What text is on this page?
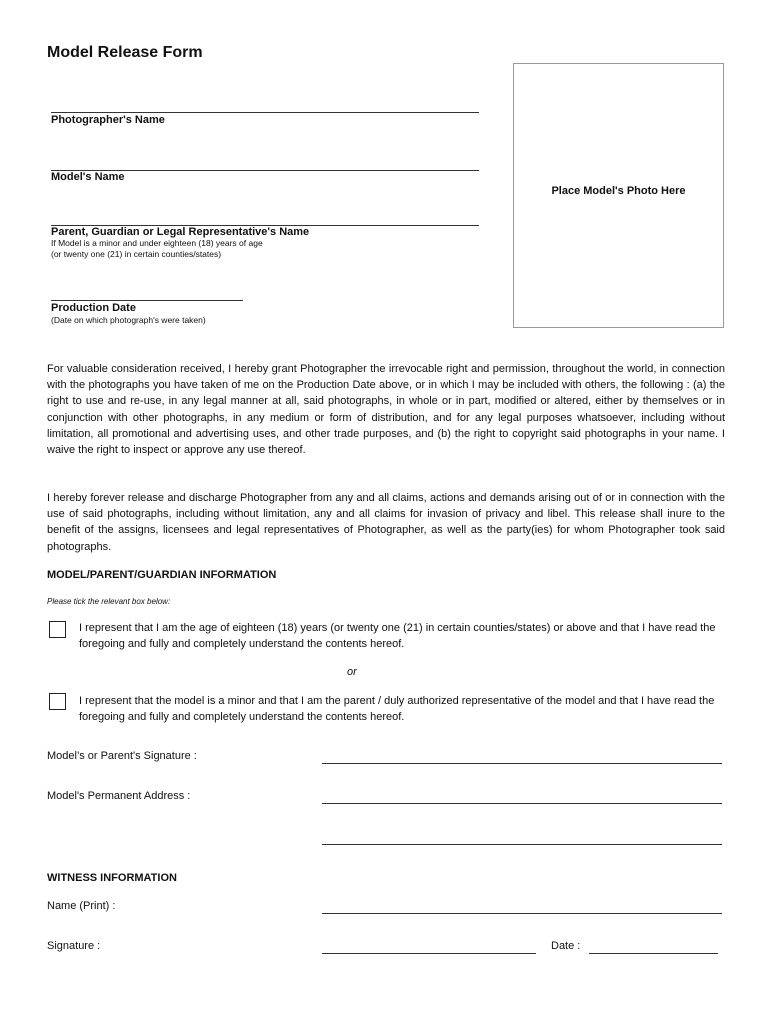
Model Release Form
Photographer's Name
Model's Name
Parent, Guardian or Legal Representative's Name
If Model is a minor and under eighteen (18) years of age
(or twenty one (21) in certain counties/states)
Production Date
(Date on which photograph's were taken)
Place Model's Photo Here
For valuable consideration received, I hereby grant Photographer the irrevocable right and permission, throughout the world, in connection with the photographs you have taken of me on the Production Date above, or in which I may be included with others, the following : (a) the right to use and re-use, in any legal manner at all, said photographs, in whole or in part, modified or altered, either by themselves or in conjunction with other photographs, in any medium or form of distribution, and for any legal purposes whatsoever, including without limitation, all promotional and advertising uses, and other trade purposes, and (b) the right to copyright said photographs in your name. I waive the right to inspect or approve any use thereof.
I hereby forever release and discharge Photographer from any and all claims, actions and demands arising out of or in connection with the use of said photographs, including without limitation, any and all claims for invasion of privacy and libel. This release shall inure to the benefit of the assigns, licensees and legal representatives of Photographer, as well as the party(ies) for whom Photographer took said photographs.
MODEL/PARENT/GUARDIAN INFORMATION
Please tick the relevant box below:
I represent that I am the age of eighteen (18) years (or twenty one (21) in certain counties/states) or above and that I have read the foregoing and fully and completely understand the contents hereof.
or
I represent that the model is a minor and that I am the parent / duly authorized representative of the model and that I have read the foregoing and fully and completely understand the contents hereof.
Model’s or Parent's Signature :
Model's Permanent Address :
WITNESS INFORMATION
Name (Print) :
Signature :	Date :
